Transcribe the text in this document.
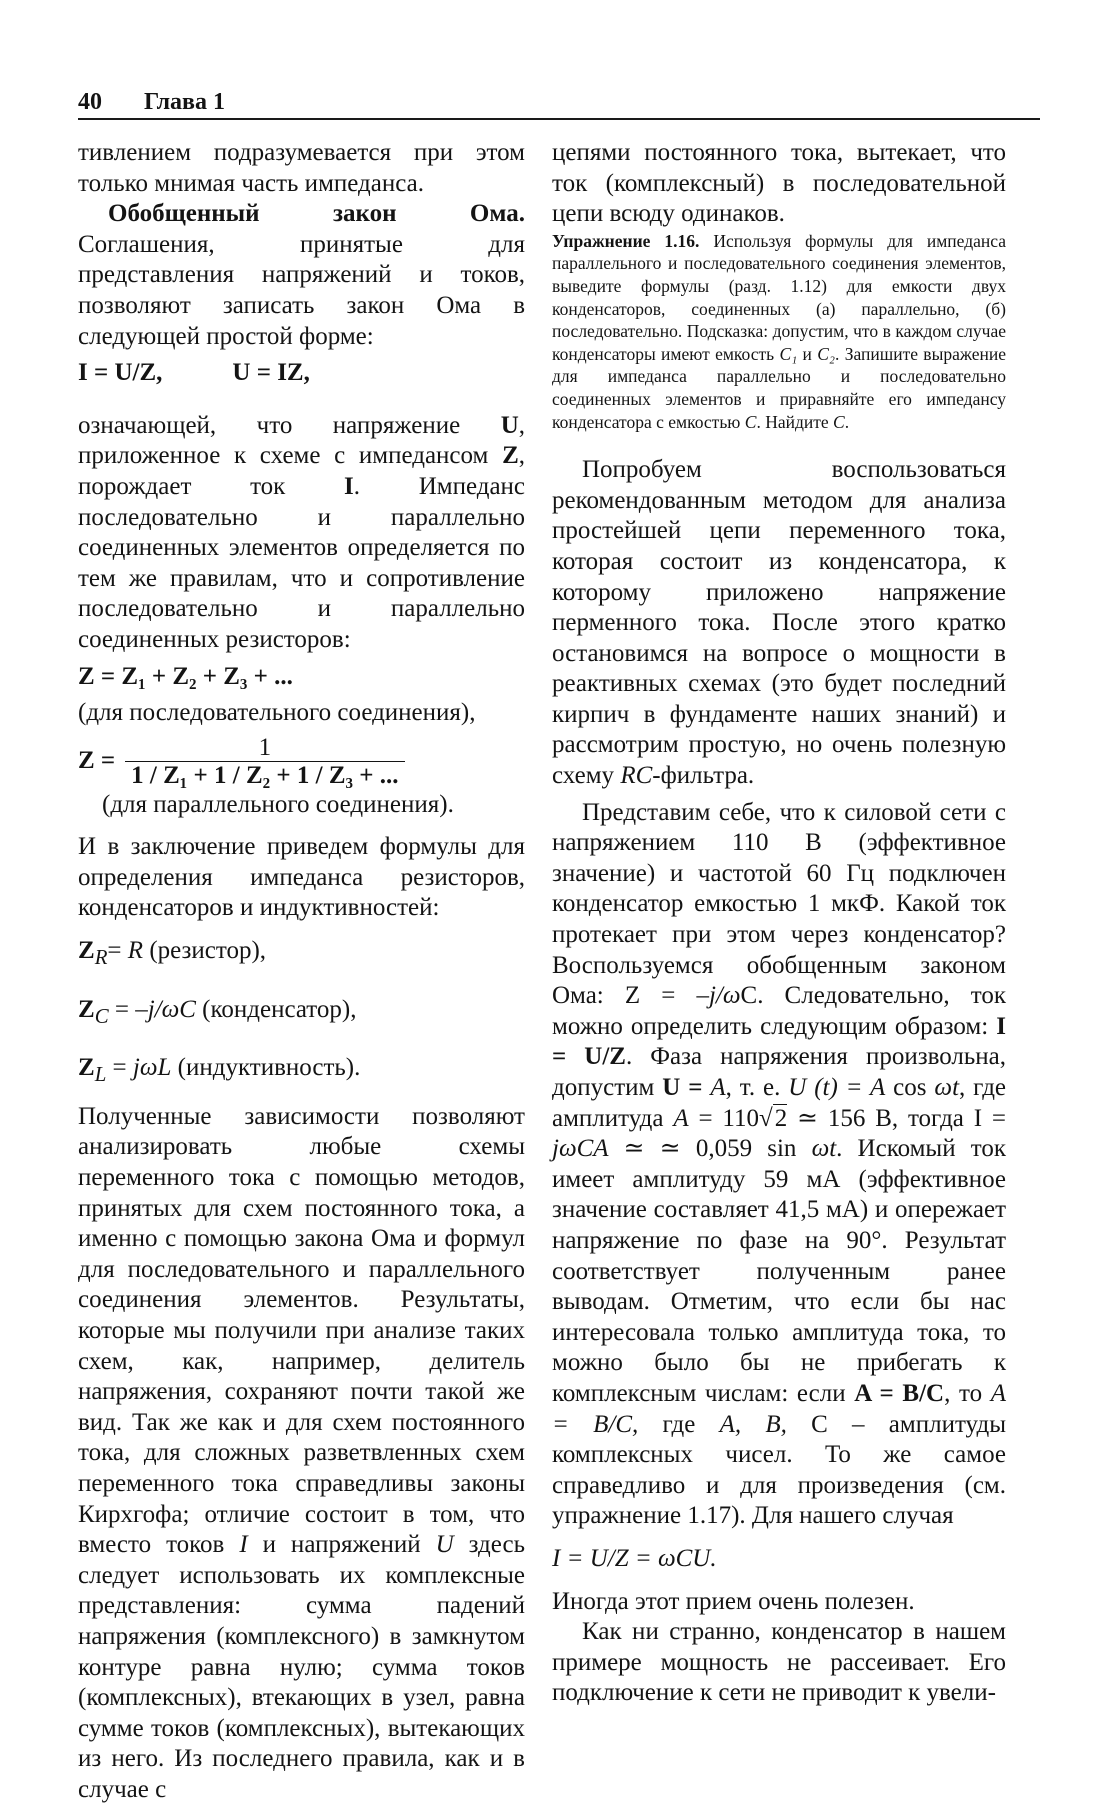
40 Глава 1

тивлением подразумевается при этом только мнимая часть импеданса.

Обобщенный закон Ома. Соглашения, принятые для представления напряжений и токов, позволяют записать закон Ома в следующей простой форме:

I = U/Z,	U = IZ,

означающей, что напряжение U, приложенное к схеме с импедансом Z, порождает ток I. Импеданс последовательно и параллельно соединенных элементов определяется по тем же правилам, что и сопротивление последовательно и параллельно соединенных резисторов:

Z = Z₁ + Z₂ + Z₃ + ...

(для последовательного соединения),

$Z = \frac{1}{\text{1 / Z₁ + 1 / Z₂ + 1 / Z₃ + ...}}$

(для параллельного соединения).

И в заключение приведем формулы для определения импеданса резисторов, конденсаторов и индуктивностей:

$Z_R= R$ (резистор),

$Z_C = -j/\omega C$ (конденсатор),

$Z_L = j\omega L$ (индуктивность).

Полученные зависимости позволяют анализировать любые схемы переменного тока с помощью методов, принятых для схем постоянного тока, а именно с помощью закона Ома и формул для последовательного и параллельного соединения элементов. Результаты, которые мы получили при анализе таких схем, как, например, делитель напряжения, сохраняют почти такой же вид. Так же как и для схем постоянного тока, для сложных разветвленных схем переменного тока справедливы законы Кирхгофа; отличие состоит в том, что вместо токов I и напряжений U здесь следует использовать их комплексные представления: сумма падений напряжения (комплексного) в замкнутом контуре равна нулю; сумма токов (комплексных), втекающих в узел, равна сумме токов (комплексных), вытекающих из него. Из последнего правила, как и в случае с

цепями постоянного тока, вытекает, что ток (комплексный) в последовательной цепи всюду одинаков.

Упражнение 1.16. Используя формулы для импеданса параллельного и последовательного соединения элементов, выведите формулы (разд. 1.12) для емкости двух конденсаторов, соединенных (а) параллельно, (б) последовательно. Подсказка: допустим, что в каждом случае конденсаторы имеют емкость C₁ и C₂. Запишите выражение для импеданса параллельно и последовательно соединенных элементов и приравняйте его импедансу конденсатора с емкостью C. Найдите C.

Попробуем воспользоваться рекомендованным методом для анализа простейшей цепи переменного тока, которая состоит из конденсатора, к которому приложено напряжение перменного тока. После этого кратко остановимся на вопросе о мощности в реактивных схемах (это будет последний кирпич в фундаменте наших знаний) и рассмотрим простую, но очень полезную схему RC-фильтра.

Представим себе, что к силовой сети с напряжением 110 В (эффективное значение) и частотой 60 Гц подключен конденсатор емкостью 1 мкФ. Какой ток протекает при этом через конденсатор? Воспользуемся обобщенным законом Ома: Z = –j/ωC. Следовательно, ток можно определить следующим образом: I = U/Z. Фаза напряжения произвольна, допустим U = A, т. е. U (t) = A cos ωt, где амплитуда A = 110√2 ≃ 156 В, тогда I = jωCA ≃ ≃ 0,059 sin ωt. Искомый ток имеет амплитуду 59 мА (эффективное значение составляет 41,5 мА) и опережает напряжение по фазе на 90°. Результат соответствует полученным ранее выводам. Отметим, что если бы нас интересовала только амплитуда тока, то можно было бы не прибегать к комплексным числам: если A = B/C, то A = B/C, где A, B, C – амплитуды комплексных чисел. То же самое справедливо и для произведения (см. упражнение 1.17). Для нашего случая

I = U/Z = ωCU.

Иногда этот прием очень полезен.

Как ни странно, конденсатор в нашем примере мощность не рассеивает. Его подключение к сети не приводит к увели-
